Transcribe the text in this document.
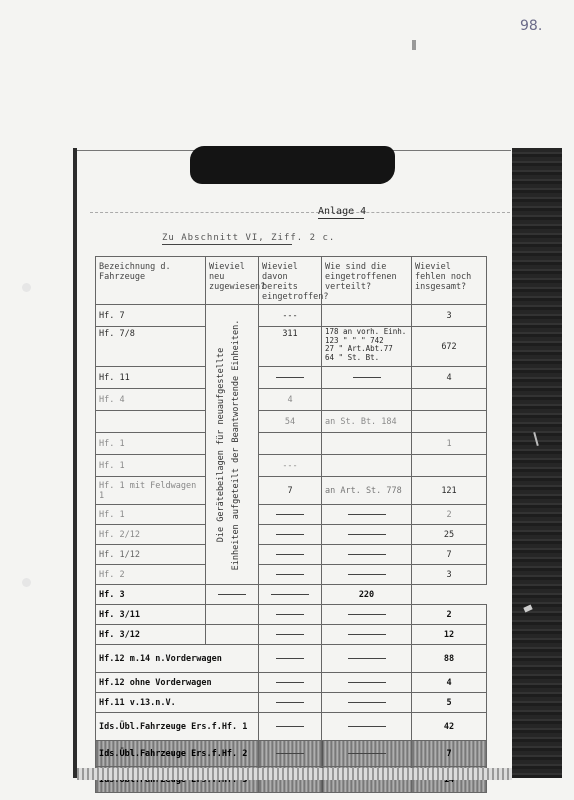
98.
Anlage 4
Zu Abschnitt VI, Ziff. 2 c.
Bezeichnung d. Fahrzeuge	Wieviel neu zugewiesen?	Wieviel davon bereits eingetroffen?	Wie sind die eingetroffenen verteilt?	Wieviel fehlen noch insgesamt?
Hf. 7	Die Gerätebeilagen für neuaufgestellte Einheiten aufgeteilt der Beantwortende Einheiten.	---		3
Hf. 7/8		311	178 an vorh. Einh.
123 " " " 742
27 " Art.Abt.77
64 " St. Bt.	672
Hf. 11				4
Hf. 4		4		
		54	an St. Bt. 184	
Hf. 1				1
Hf. 1		---		
Hf. 1 mit Feldwagen 1		7	an Art. St. 778	121
Hf. 1				2
Hf. 2/12				25
Hf. 1/12				7
Hf. 2				3
Hf. 3			220	
Hf. 3/11				2
Hf. 3/12				12
Hf.12 m.14 n.Vorderwagen				88
Hf.12 ohne Vorderwagen				4
Hf.11 v.13.n.V.				5
Ids.Übl.Fahrzeuge Ers.f.Hf. 1				42
Ids.Übl.Fahrzeuge Ers.f.Hf. 2				7
